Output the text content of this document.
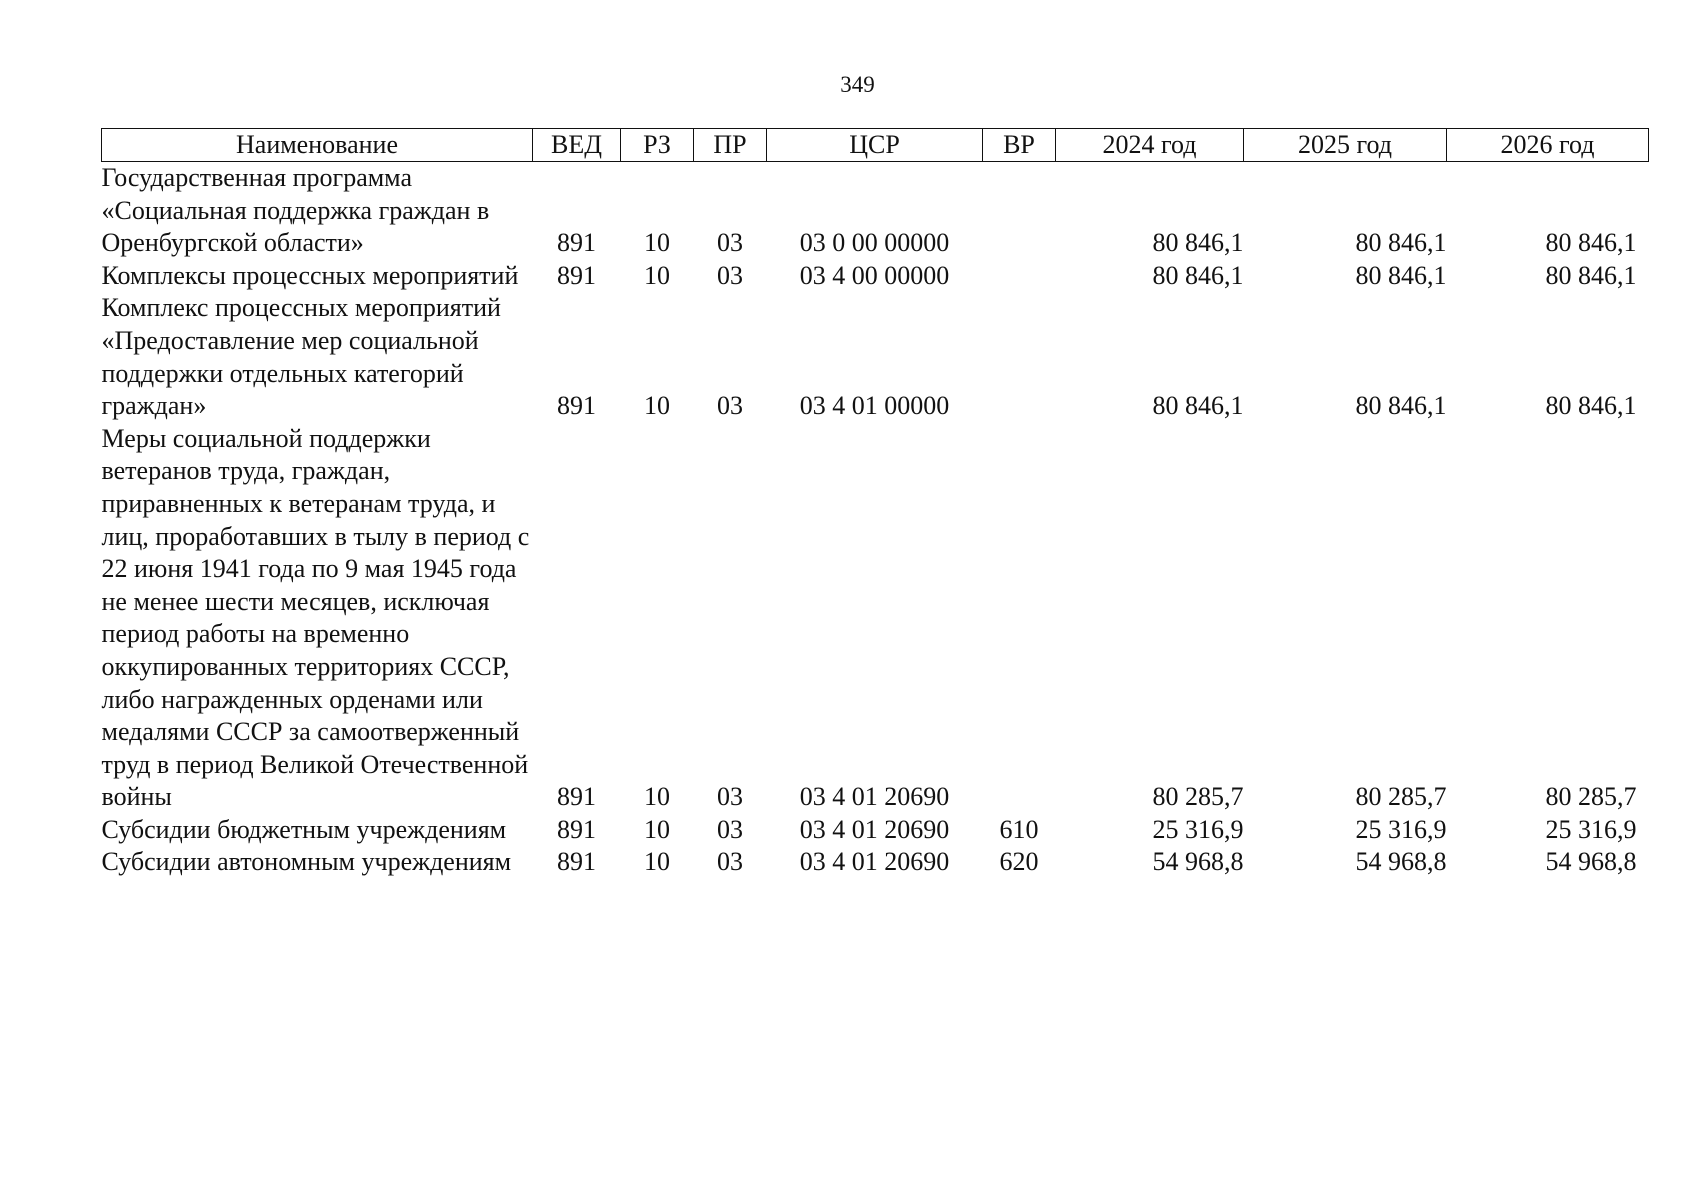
349
Наименование	ВЕД	РЗ	ПР	ЦСР	ВР	2024 год	2025 год	2026 год
Государственная программа «Социальная поддержка граждан в Оренбургской области»	891	10	03	03 0 00 00000		80 846,1	80 846,1	80 846,1
Комплексы процессных мероприятий	891	10	03	03 4 00 00000		80 846,1	80 846,1	80 846,1
Комплекс процессных мероприятий «Предоставление мер социальной поддержки отдельных категорий граждан»	891	10	03	03 4 01 00000		80 846,1	80 846,1	80 846,1
Меры социальной поддержки ветеранов труда, граждан, приравненных к ветеранам труда, и лиц, проработавших в тылу в период с 22 июня 1941 года по 9 мая 1945 года не менее шести месяцев, исключая период работы на временно оккупированных территориях СССР, либо награжденных орденами или медалями СССР за самоотверженный труд в период Великой Отечественной войны	891	10	03	03 4 01 20690		80 285,7	80 285,7	80 285,7
Субсидии бюджетным учреждениям	891	10	03	03 4 01 20690	610	25 316,9	25 316,9	25 316,9
Субсидии автономным учреждениям	891	10	03	03 4 01 20690	620	54 968,8	54 968,8	54 968,8
